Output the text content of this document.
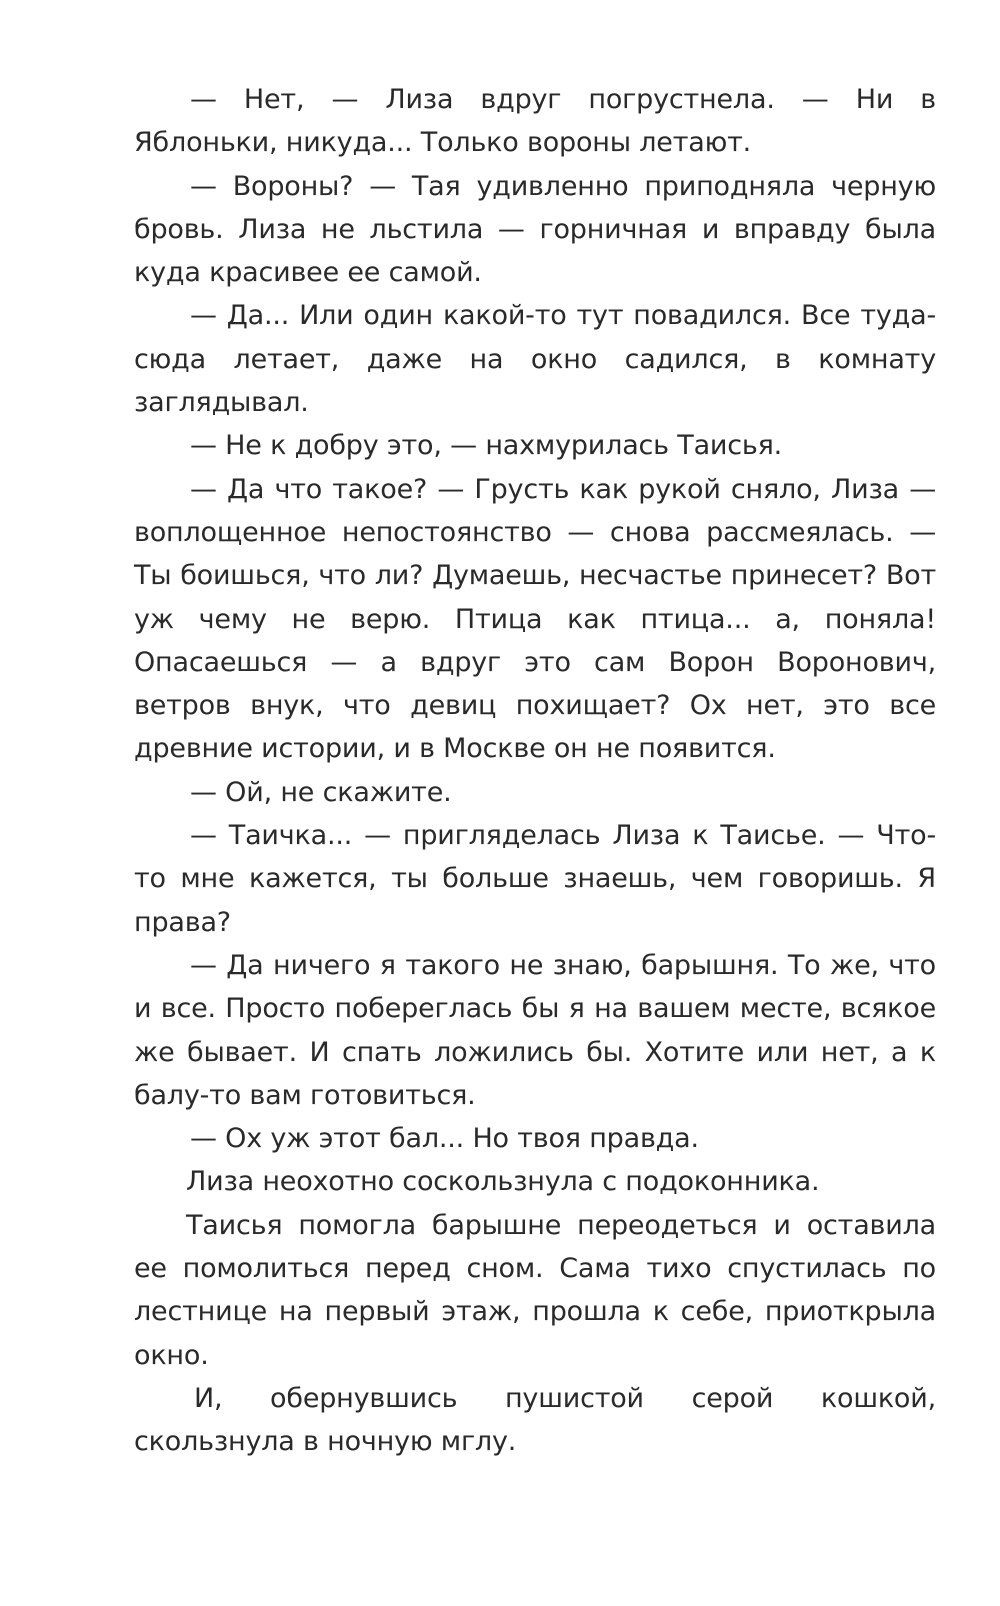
— Нет, — Лиза вдруг погрустнела. — Ни в Яблоньки, никуда... Только вороны летают.

— Вороны? — Тая удивленно приподняла черную бровь. Лиза не льстила — горничная и вправду была куда красивее ее самой.

— Да... Или один какой-то тут повадился. Все туда-сюда летает, даже на окно садился, в комнату заглядывал.

— Не к добру это, — нахмурилась Таисья.

— Да что такое? — Грусть как рукой сняло, Лиза — воплощенное непостоянство — снова рассмеялась. — Ты боишься, что ли? Думаешь, несчастье принесет? Вот уж чему не верю. Птица как птица... а, поняла! Опасаешься — а вдруг это сам Ворон Воронович, ветров внук, что девиц похищает? Ох нет, это все древние истории, и в Москве он не появится.

— Ой, не скажите.

— Таичка... — пригляделась Лиза к Таисье. — Что-то мне кажется, ты больше знаешь, чем говоришь. Я права?

— Да ничего я такого не знаю, барышня. То же, что и все. Просто побереглась бы я на вашем месте, всякое же бывает. И спать ложились бы. Хотите или нет, а к балу-то вам готовиться.

— Ох уж этот бал... Но твоя правда.

Лиза неохотно соскользнула с подоконника.

Таисья помогла барышне переодеться и оставила ее помолиться перед сном. Сама тихо спустилась по лестнице на первый этаж, прошла к себе, приоткрыла окно.

И, обернувшись пушистой серой кошкой, скользнула в ночную мглу.
